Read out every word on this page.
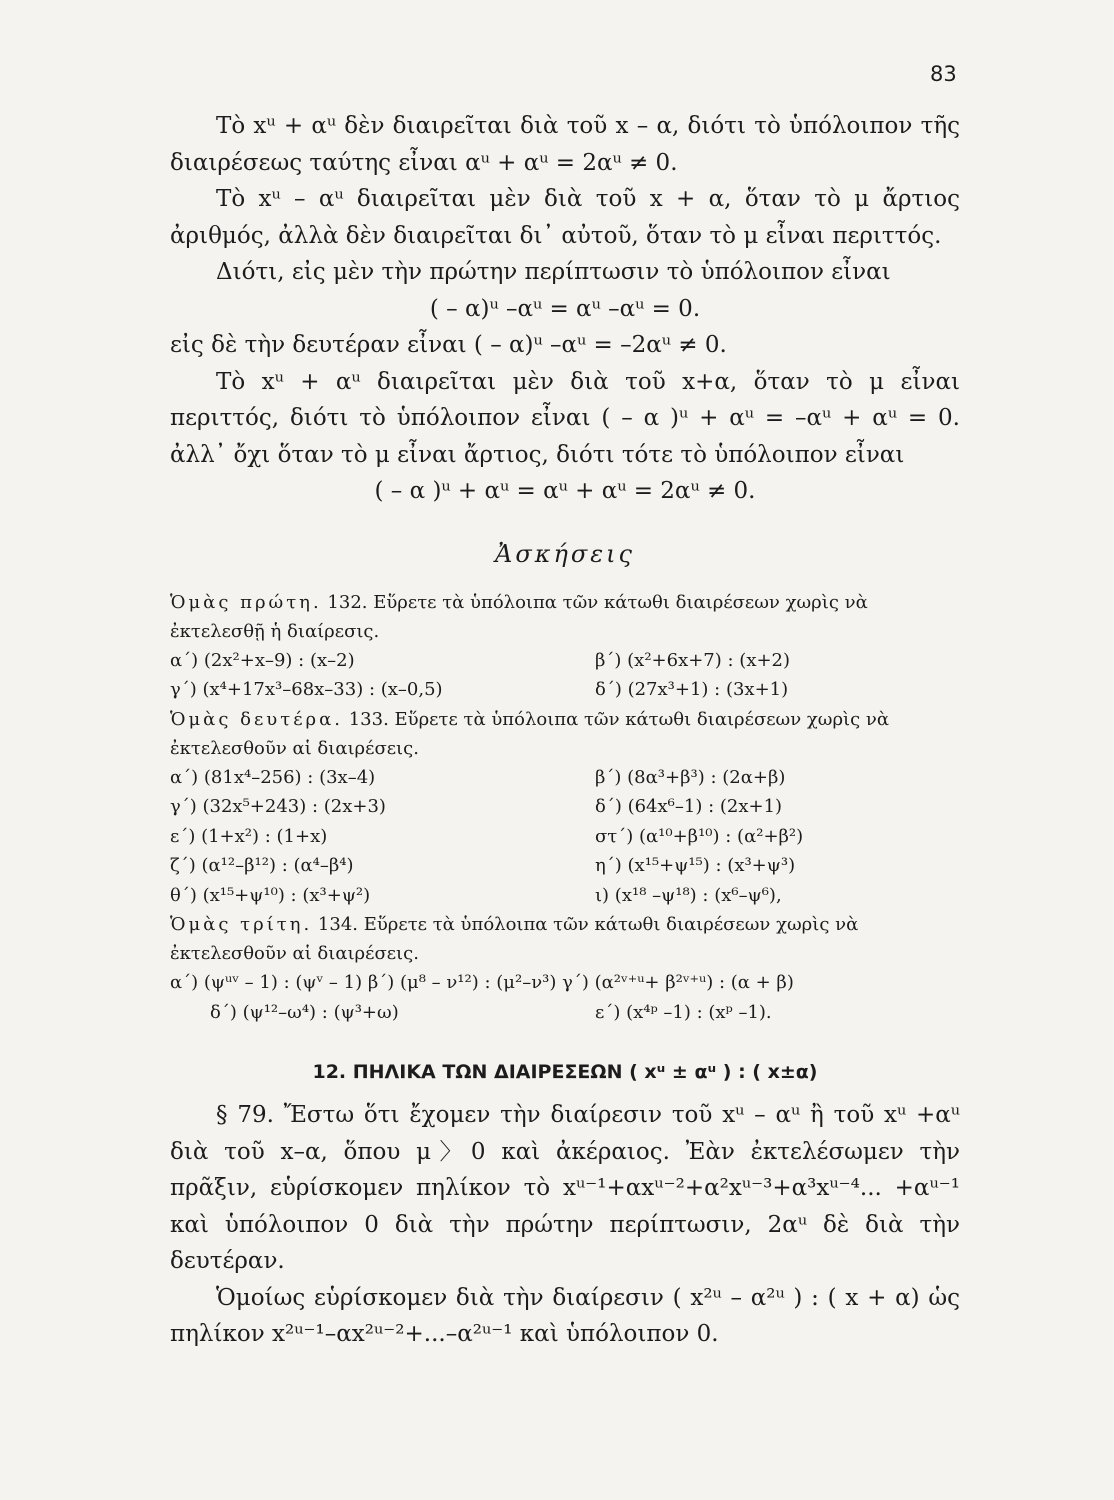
83

Τὸ xᵘ + αᵘ δὲν διαιρεῖται διὰ τοῦ x – α, διότι τὸ ὑπόλοιπον τῆς διαιρέσεως ταύτης εἶναι αᵘ + αᵘ = 2αᵘ ≠ 0.

Τὸ xᵘ – αᵘ διαιρεῖται μὲν διὰ τοῦ x + α, ὅταν τὸ μ ἄρτιος ἀριθμός, ἀλλὰ δὲν διαιρεῖται δι᾽ αὐτοῦ, ὅταν τὸ μ εἶναι περιττός.

Διότι, εἰς μὲν τὴν πρώτην περίπτωσιν τὸ ὑπόλοιπον εἶναι

( – α)ᵘ –αᵘ = αᵘ –αᵘ = 0.

εἰς δὲ τὴν δευτέραν εἶναι ( – α)ᵘ –αᵘ = –2αᵘ ≠ 0.

Τὸ xᵘ + αᵘ διαιρεῖται μὲν διὰ τοῦ x+α, ὅταν τὸ μ εἶναι περιττός, διότι τὸ ὑπόλοιπον εἶναι ( – α )ᵘ + αᵘ = –αᵘ + αᵘ = 0. ἀλλ᾽ ὄχι ὅταν τὸ μ εἶναι ἄρτιος, διότι τότε τὸ ὑπόλοιπον εἶναι

( – α )ᵘ + αᵘ = αᵘ + αᵘ = 2αᵘ ≠ 0.

Ἀσκήσεις

Ὁμὰς πρώτη. 132. Εὕρετε τὰ ὑπόλοιπα τῶν κάτωθι διαιρέσεων χωρὶς νὰ ἐκτελεσθῇ ἡ διαίρεσις.

α΄) (2x²+x–9) : (x–2)	β΄) (x²+6x+7) : (x+2)
γ΄) (x⁴+17x³–68x–33) : (x–0,5)	δ΄) (27x³+1) : (3x+1)

Ὁμὰς δευτέρα. 133. Εὕρετε τὰ ὑπόλοιπα τῶν κάτωθι διαιρέσεων χωρὶς νὰ ἐκτελεσθοῦν αἱ διαιρέσεις.

α΄) (81x⁴–256) : (3x–4)	β΄) (8α³+β³) : (2α+β)
γ΄) (32x⁵+243) : (2x+3)	δ΄) (64x⁶–1) : (2x+1)
ε΄) (1+x²) : (1+x)	στ΄) (α¹⁰+β¹⁰) : (α²+β²)
ζ΄) (α¹²–β¹²) : (α⁴–β⁴)	η΄) (x¹⁵+ψ¹⁵) : (x³+ψ³)
θ΄) (x¹⁵+ψ¹⁰) : (x³+ψ²)	ι) (x¹⁸ –ψ¹⁸) : (x⁶–ψ⁶),

Ὁμὰς τρίτη. 134. Εὕρετε τὰ ὑπόλοιπα τῶν κάτωθι διαιρέσεων χωρὶς νὰ ἐκτελεσθοῦν αἱ διαιρέσεις.

α΄) (ψᵘᵛ – 1) : (ψᵛ – 1) β΄) (μ⁸ – ν¹²) : (μ²–ν³) γ΄) (α²ᵛ⁺ᵘ+ β²ᵛ⁺ᵘ) : (α + β)
δ΄) (ψ¹²–ω⁴) : (ψ³+ω)	ε΄) (x⁴ᵖ –1) : (xᵖ –1).
12. ΠΗΛΙΚΑ ΤΩΝ ΔΙΑΙΡΕΣΕΩΝ ( xᵘ ± αᵘ ) : ( x±α)

§ 79. Ἔστω ὅτι ἔχομεν τὴν διαίρεσιν τοῦ xᵘ – αᵘ ἢ τοῦ xᵘ +αᵘ διὰ τοῦ x–α, ὅπου μ〉0 καὶ ἀκέραιος. Ἐὰν ἐκτελέσωμεν τὴν πρᾶξιν, εὑρίσκομεν πηλίκον τὸ xᵘ⁻¹+αxᵘ⁻²+α²xᵘ⁻³+α³xᵘ⁻⁴... +αᵘ⁻¹ καὶ ὑπόλοιπον 0 διὰ τὴν πρώτην περίπτωσιν, 2αᵘ δὲ διὰ τὴν δευτέραν.

Ὁμοίως εὑρίσκομεν διὰ τὴν διαίρεσιν ( x²ᵘ – α²ᵘ ) : ( x + α) ὡς πηλίκον x²ᵘ⁻¹–αx²ᵘ⁻²+...–α²ᵘ⁻¹ καὶ ὑπόλοιπον 0.
